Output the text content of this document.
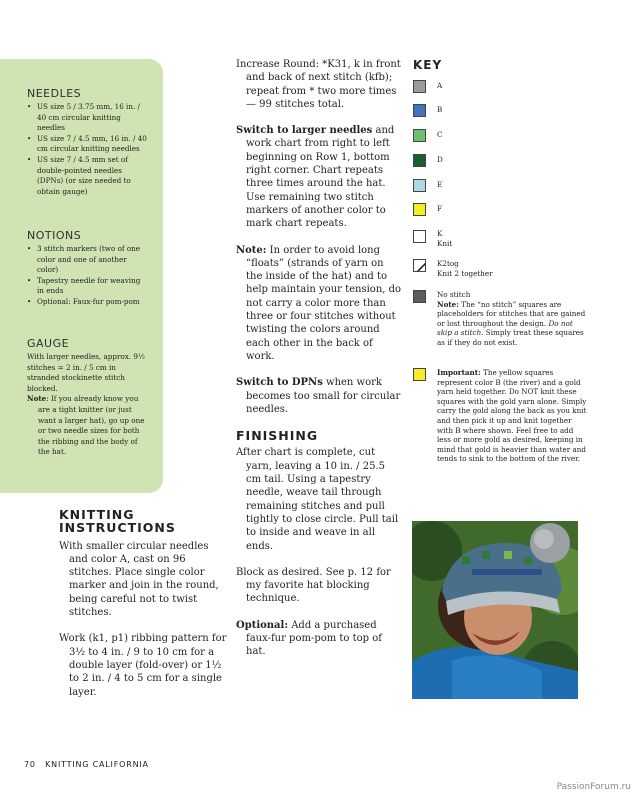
NEEDLES
• US size 5 / 3.75 mm, 16 in. / 40 cm circular knitting needles
• US size 7 / 4.5 mm, 16 in. / 40 cm circular knitting needles
• US size 7 / 4.5 mm set of double-pointed needles (DPNs) (or size needed to obtain gauge)
NOTIONS
• 3 stitch markers (two of one color and one of another color)
• Tapestry needle for weaving in ends
• Optional: Faux-fur pom-pom
GAUGE
With larger needles, approx. 9½ stitches = 2 in. / 5 cm in stranded stockinette stitch blocked.
Note: If you already know you are a tight knitter (or just want a larger hat), go up one or two needle sizes for both the ribbing and the body of the hat.
KNITTING
INSTRUCTIONS

With smaller circular needles and color A, cast on 96 stitches. Place single color marker and join in the round, being careful not to twist stitches.

Work (k1, p1) ribbing pattern for 3½ to 4 in. / 9 to 10 cm for a double layer (fold-over) or 1½ to 2 in. / 4 to 5 cm for a single layer.

Increase Round: *K31, k in front and back of next stitch (kfb); repeat from * two more times— 99 stitches total.

Switch to larger needles and work chart from right to left beginning on Row 1, bottom right corner. Chart repeats three times around the hat. Use remaining two stitch markers of another color to mark chart repeats.

Note: In order to avoid long “floats” (strands of yarn on the inside of the hat) and to help maintain your tension, do not carry a color more than three or four stitches without twisting the colors around each other in the back of work.

Switch to DPNs when work becomes too small for circular needles.

FINISHING

After chart is complete, cut yarn, leaving a 10 in. / 25.5 cm tail. Using a tapestry needle, weave tail through remaining stitches and pull tightly to close circle. Pull tail to inside and weave in all ends.

Block as desired. See p. 12 for my favorite hat blocking technique.

Optional: Add a purchased faux-fur pom-pom to top of hat.

KEY
A
B
C
D
E
F
K
Knit
K2tog
Knit 2 together
No stitch
Note: The “no stitch” squares are placeholders for stitches that are gained or lost throughout the design. Do not skip a stitch. Simply treat these squares as if they do not exist.
Important: The yellow squares represent color B (the river) and a gold yarn held together. Do NOT knit these squares with the gold yarn alone. Simply carry the gold along the back as you knit and then pick it up and knit together with B where shown. Feel free to add less or more gold as desired, keeping in mind that gold is heavier than water and tends to sink to the bottom of the river.
70 KNITTING CALIFORNIA
PassionForum.ru
